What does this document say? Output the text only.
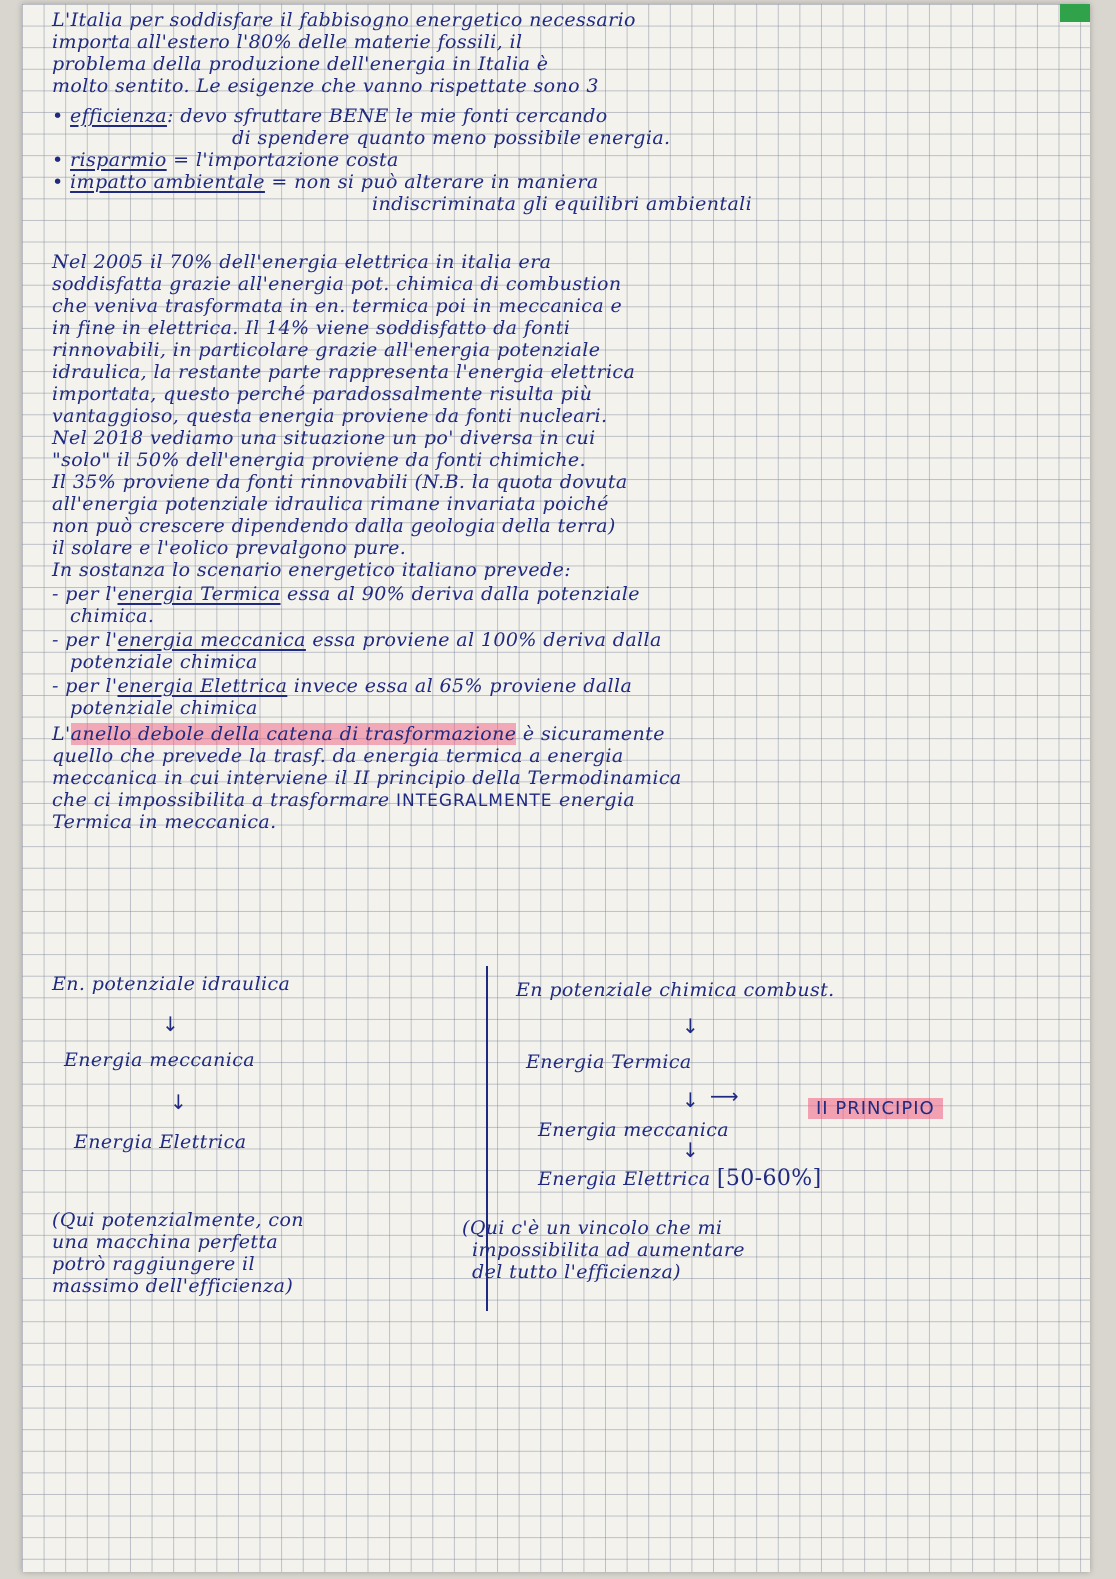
L'Italia per soddisfare il fabbisogno energetico necessario
importa all'estero l'80% delle materie fossili, il
problema della produzione dell'energia in Italia è
molto sentito. Le esigenze che vanno rispettate sono 3
• efficienza: devo sfruttare BENE le mie fonti cercando
di spendere quanto meno possibile energia.
• risparmio = l'importazione costa
• impatto ambientale = non si può alterare in maniera
indiscriminata gli equilibri ambientali
Nel 2005 il 70% dell'energia elettrica in italia era
soddisfatta grazie all'energia pot. chimica di combustion
che veniva trasformata in en. termica poi in meccanica e
in fine in elettrica. Il 14% viene soddisfatto da fonti
rinnovabili, in particolare grazie all'energia potenziale
idraulica, la restante parte rappresenta l'energia elettrica
importata, questo perché paradossalmente risulta più
vantaggioso, questa energia proviene da fonti nucleari.
Nel 2018 vediamo una situazione un po' diversa in cui
"solo" il 50% dell'energia proviene da fonti chimiche.
Il 35% proviene da fonti rinnovabili (N.B. la quota dovuta
all'energia potenziale idraulica rimane invariata poiché
non può crescere dipendendo dalla geologia della terra)
il solare e l'eolico prevalgono pure.
In sostanza lo scenario energetico italiano prevede:
- per l'energia Termica essa al 90% deriva dalla potenziale
chimica.
- per l'energia meccanica essa proviene al 100% deriva dalla
potenziale chimica
- per l'energia Elettrica invece essa al 65% proviene dalla
potenziale chimica
L'anello debole della catena di trasformazione è sicuramente
quello che prevede la trasf. da energia termica a energia
meccanica in cui interviene il II principio della Termodinamica
che ci impossibilita a trasformare INTEGRALMENTE energia
Termica in meccanica.
En. potenziale idraulica
↓
Energia meccanica
↓
Energia Elettrica
(Qui potenzialmente, con
una macchina perfetta
potrò raggiungere il
massimo dell'efficienza)
En potenziale chimica combust.
↓
Energia Termica
↓ ⟶
II PRINCIPIO
Energia meccanica
↓
Energia Elettrica [50-60%]
(Qui c'è un vincolo che mi
impossibilita ad aumentare
del tutto l'efficienza)
